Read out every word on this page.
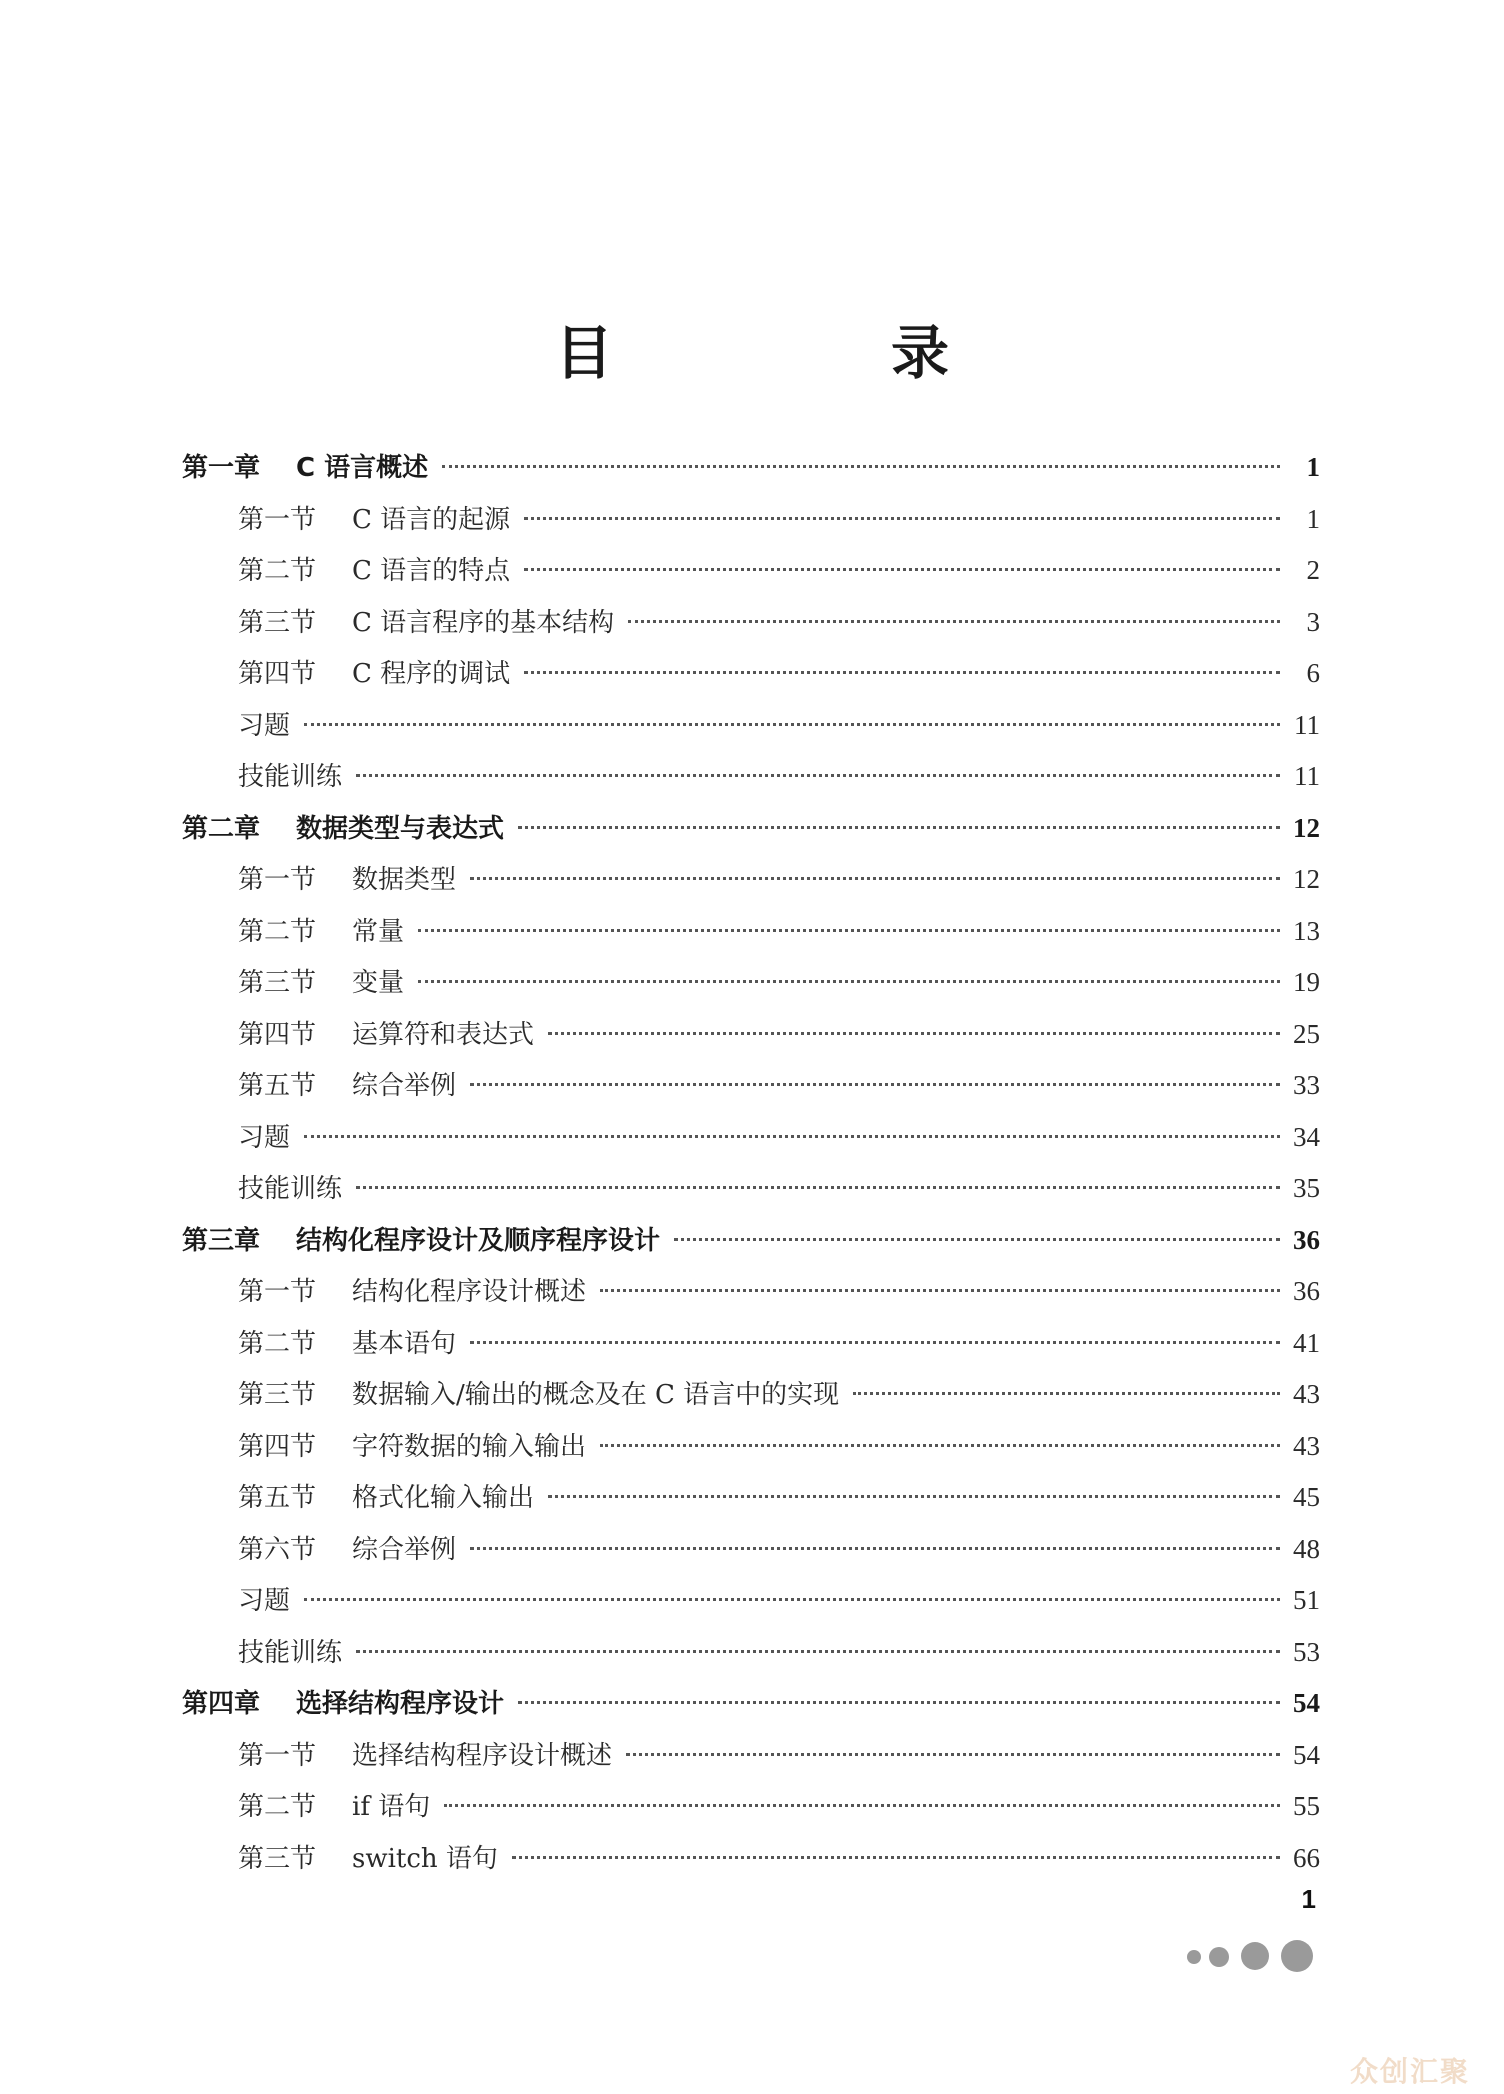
目　录
第一章	C 语言概述	1
第一节	C 语言的起源	1
第二节	C 语言的特点	2
第三节	C 语言程序的基本结构	3
第四节	C 程序的调试	6
习题	11
技能训练	11
第二章	数据类型与表达式	12
第一节	数据类型	12
第二节	常量	13
第三节	变量	19
第四节	运算符和表达式	25
第五节	综合举例	33
习题	34
技能训练	35
第三章	结构化程序设计及顺序程序设计	36
第一节	结构化程序设计概述	36
第二节	基本语句	41
第三节	数据输入/输出的概念及在 C 语言中的实现	43
第四节	字符数据的输入输出	43
第五节	格式化输入输出	45
第六节	综合举例	48
习题	51
技能训练	53
第四章	选择结构程序设计	54
第一节	选择结构程序设计概述	54
第二节	if 语句	55
第三节	switch 语句	66
1
众创汇聚
